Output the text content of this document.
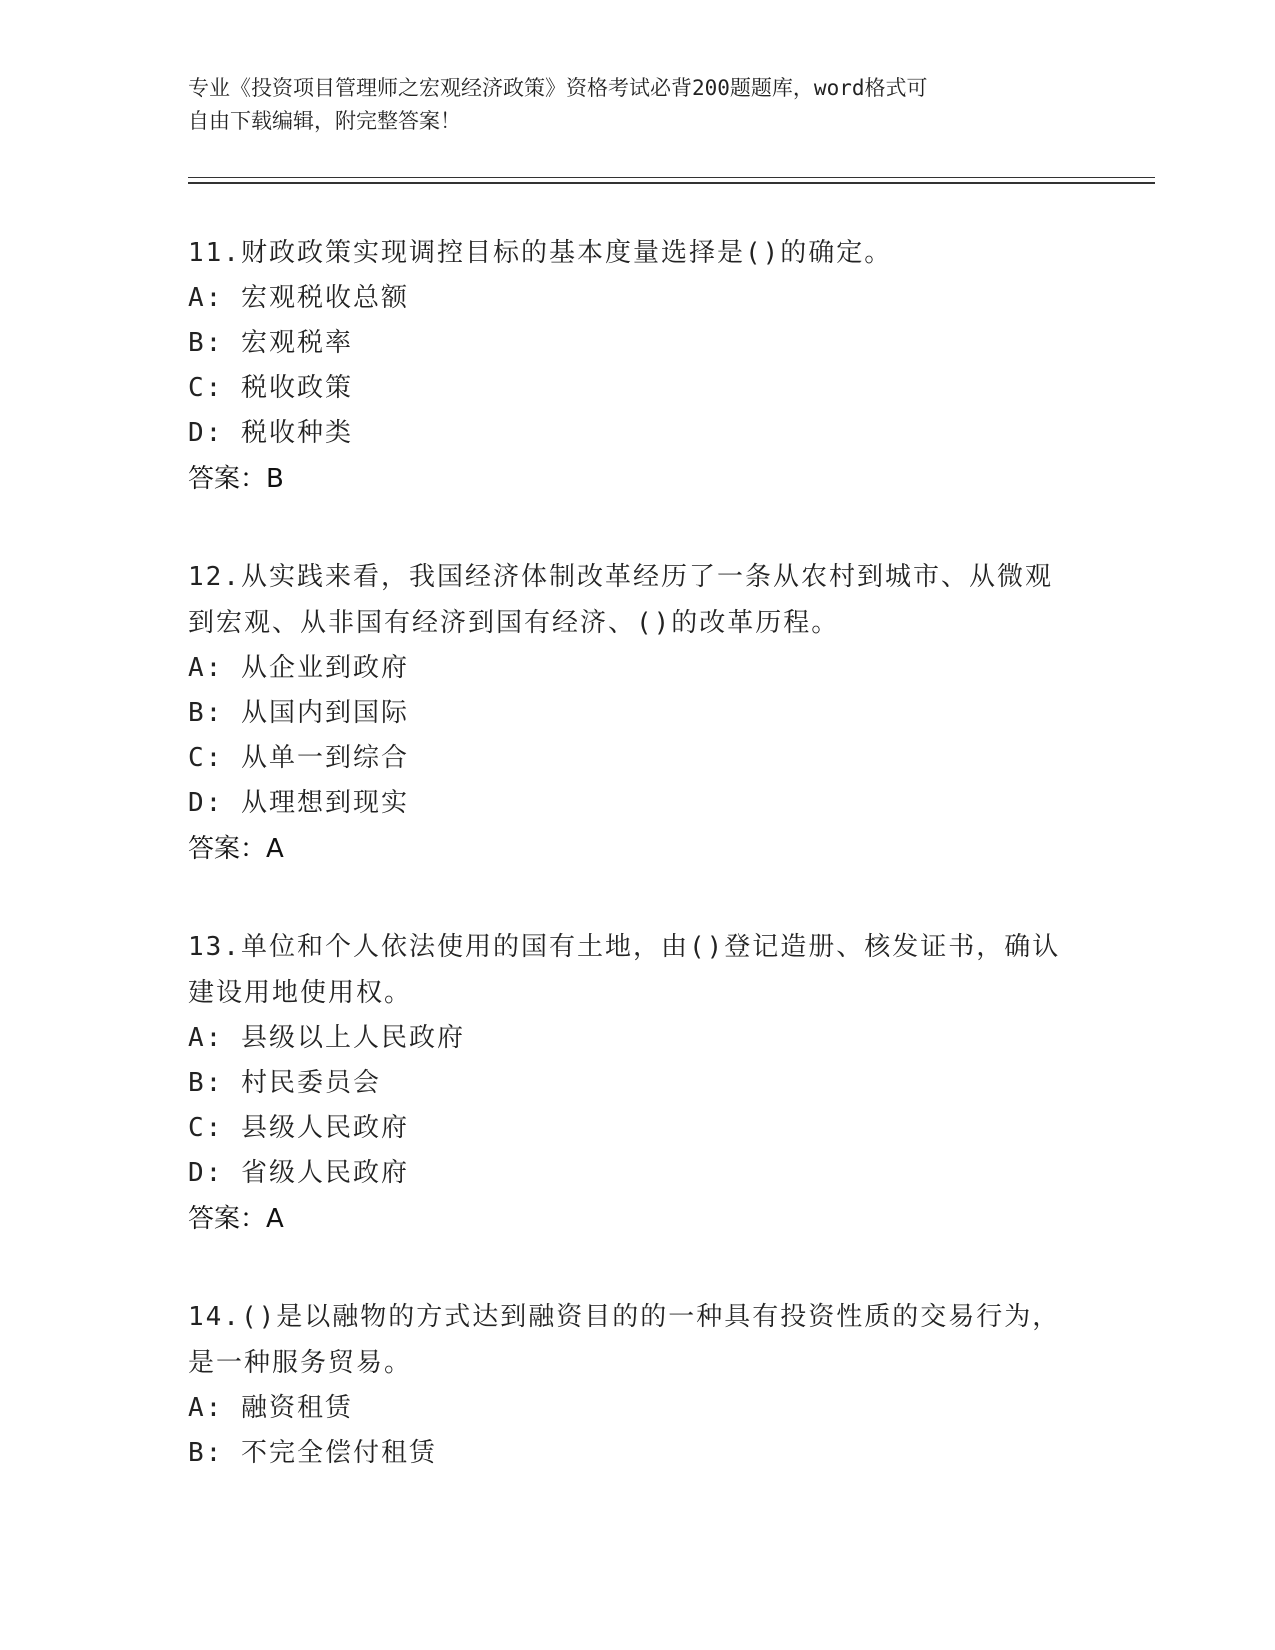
专业《投资项目管理师之宏观经济政策》资格考试必背200题题库，word格式可
自由下载编辑，附完整答案！
11.财政政策实现调控目标的基本度量选择是()的确定。
A: 宏观税收总额
B: 宏观税率
C: 税收政策
D: 税收种类
答案：B
12.从实践来看，我国经济体制改革经历了一条从农村到城市、从微观
到宏观、从非国有经济到国有经济、()的改革历程。
A: 从企业到政府
B: 从国内到国际
C: 从单一到综合
D: 从理想到现实
答案：A
13.单位和个人依法使用的国有土地，由()登记造册、核发证书，确认
建设用地使用权。
A: 县级以上人民政府
B: 村民委员会
C: 县级人民政府
D: 省级人民政府
答案：A
14.()是以融物的方式达到融资目的的一种具有投资性质的交易行为，
是一种服务贸易。
A: 融资租赁
B: 不完全偿付租赁
